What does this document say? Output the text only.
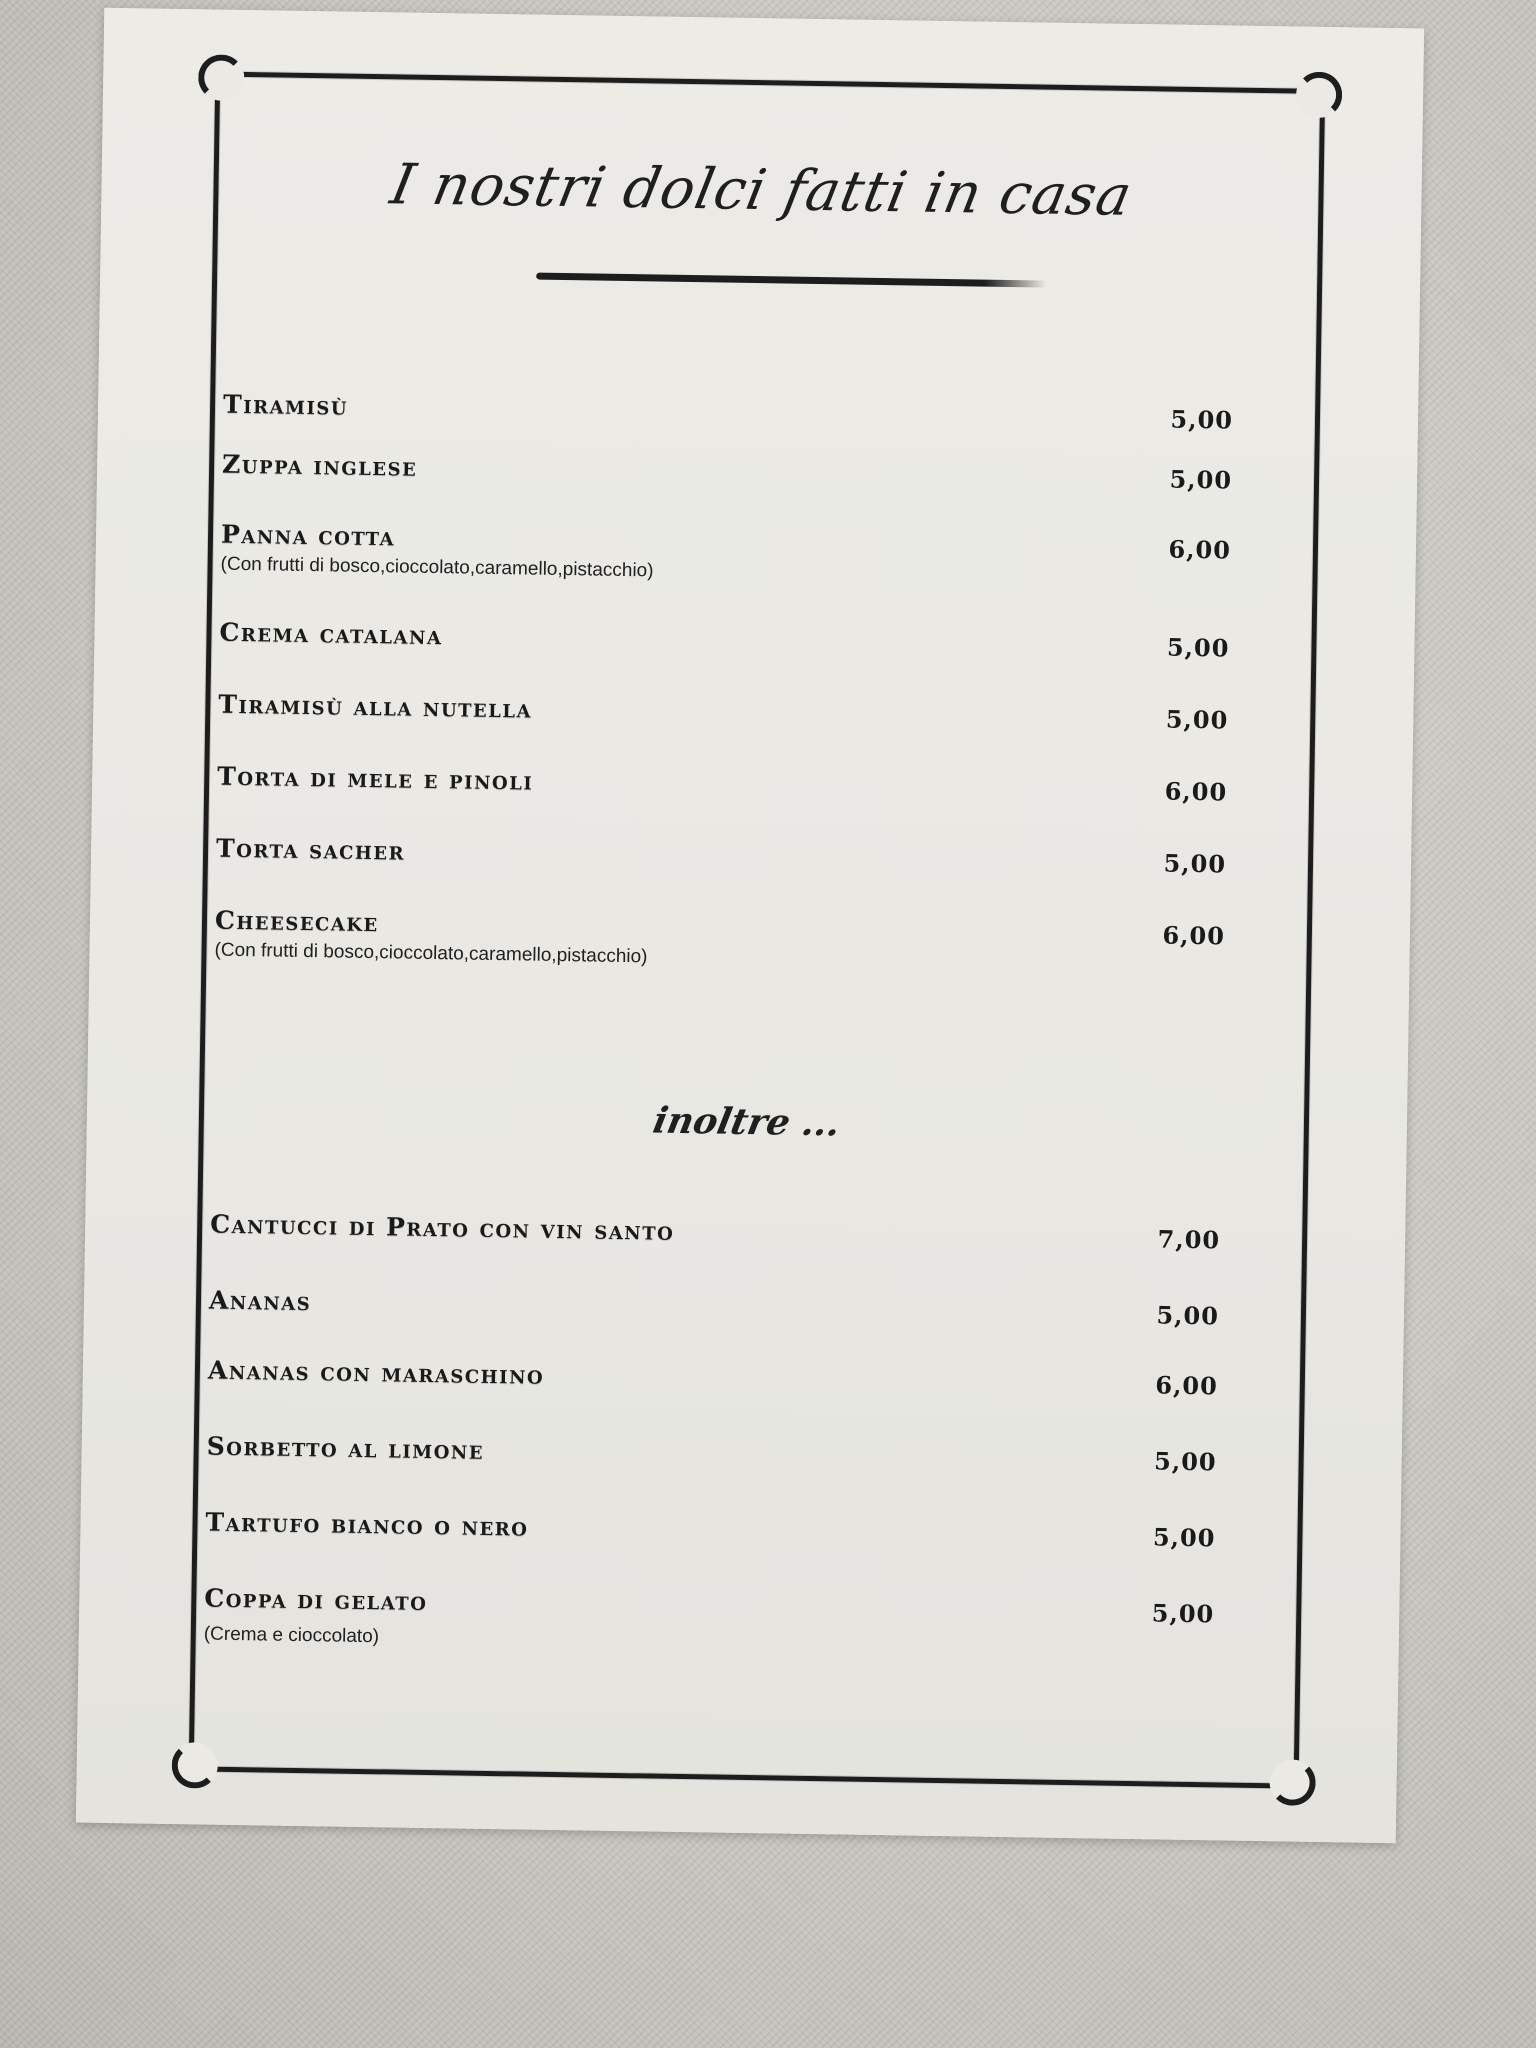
I nostri dolci fatti in casa
Tiramisù	5,00
Zuppa inglese	5,00
Panna cotta	6,00
(Con frutti di bosco,cioccolato,caramello,pistacchio)
Crema catalana	5,00
Tiramisù alla nutella	5,00
Torta di mele e pinoli	6,00
Torta sacher	5,00
Cheesecake	6,00
(Con frutti di bosco,cioccolato,caramello,pistacchio)
inoltre ...
Cantucci di Prato con vin santo	7,00
Ananas	5,00
Ananas con maraschino	6,00
Sorbetto al limone	5,00
Tartufo bianco o nero	5,00
Coppa di gelato	5,00
(Crema e cioccolato)
